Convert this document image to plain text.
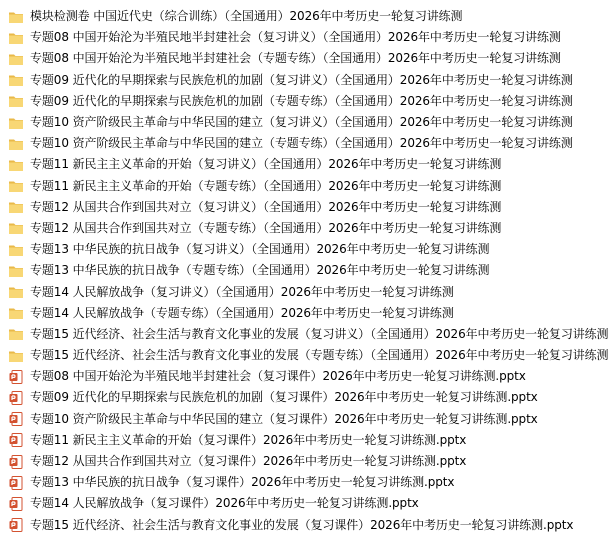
模块检测卷 中国近代史（综合训练）（全国通用）2026年中考历史一轮复习讲练测
专题08 中国开始沦为半殖民地半封建社会（复习讲义）（全国通用）2026年中考历史一轮复习讲练测
专题08 中国开始沦为半殖民地半封建社会（专题专练）（全国通用）2026年中考历史一轮复习讲练测
专题09 近代化的早期探索与民族危机的加剧（复习讲义）（全国通用）2026年中考历史一轮复习讲练测
专题09 近代化的早期探索与民族危机的加剧（专题专练）（全国通用）2026年中考历史一轮复习讲练测
专题10 资产阶级民主革命与中华民国的建立（复习讲义）（全国通用）2026年中考历史一轮复习讲练测
专题10 资产阶级民主革命与中华民国的建立（专题专练）（全国通用）2026年中考历史一轮复习讲练测
专题11 新民主主义革命的开始（复习讲义）（全国通用）2026年中考历史一轮复习讲练测
专题11 新民主主义革命的开始（专题专练）（全国通用）2026年中考历史一轮复习讲练测
专题12 从国共合作到国共对立（复习讲义）（全国通用）2026年中考历史一轮复习讲练测
专题12 从国共合作到国共对立（专题专练）（全国通用）2026年中考历史一轮复习讲练测
专题13 中华民族的抗日战争（复习讲义）（全国通用）2026年中考历史一轮复习讲练测
专题13 中华民族的抗日战争（专题专练）（全国通用）2026年中考历史一轮复习讲练测
专题14 人民解放战争（复习讲义）（全国通用）2026年中考历史一轮复习讲练测
专题14 人民解放战争（专题专练）（全国通用）2026年中考历史一轮复习讲练测
专题15 近代经济、社会生活与教育文化事业的发展（复习讲义）（全国通用）2026年中考历史一轮复习讲练测
专题15 近代经济、社会生活与教育文化事业的发展（专题专练）（全国通用）2026年中考历史一轮复习讲练测
专题08 中国开始沦为半殖民地半封建社会（复习课件）2026年中考历史一轮复习讲练测.pptx
专题09 近代化的早期探索与民族危机的加剧（复习课件）2026年中考历史一轮复习讲练测.pptx
专题10 资产阶级民主革命与中华民国的建立（复习课件）2026年中考历史一轮复习讲练测.pptx
专题11 新民主主义革命的开始（复习课件）2026年中考历史一轮复习讲练测.pptx
专题12 从国共合作到国共对立（复习课件）2026年中考历史一轮复习讲练测.pptx
专题13 中华民族的抗日战争（复习课件）2026年中考历史一轮复习讲练测.pptx
专题14 人民解放战争（复习课件）2026年中考历史一轮复习讲练测.pptx
专题15 近代经济、社会生活与教育文化事业的发展（复习课件）2026年中考历史一轮复习讲练测.pptx
